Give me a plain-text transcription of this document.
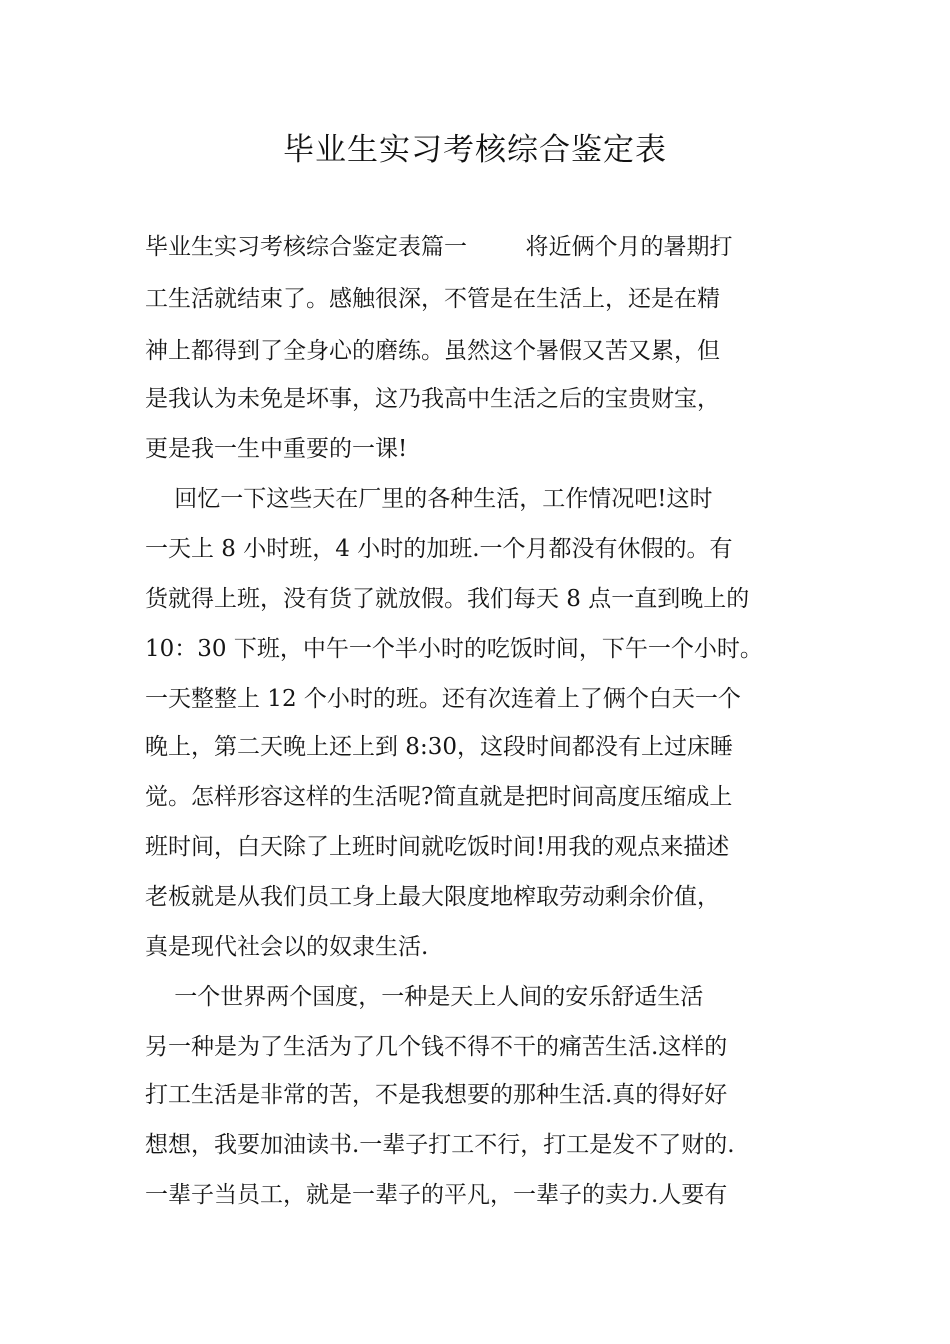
毕业生实习考核综合鉴定表

毕业生实习考核综合鉴定表篇一        将近俩个月的暑期打

工生活就结束了。感触很深，不管是在生活上，还是在精

神上都得到了全身心的磨练。虽然这个暑假又苦又累，但

是我认为未免是坏事，这乃我高中生活之后的宝贵财宝，

更是我一生中重要的一课!

回忆一下这些天在厂里的各种生活，工作情况吧!这时

一天上 8 小时班，4 小时的加班.一个月都没有休假的。有

货就得上班，没有货了就放假。我们每天 8 点一直到晚上的

10：30 下班，中午一个半小时的吃饭时间，下午一个小时。

一天整整上 12 个小时的班。还有次连着上了俩个白天一个

晚上，第二天晚上还上到 8:30，这段时间都没有上过床睡

觉。怎样形容这样的生活呢?简直就是把时间高度压缩成上

班时间，白天除了上班时间就吃饭时间!用我的观点来描述

老板就是从我们员工身上最大限度地榨取劳动剩余价值，

真是现代社会以的奴隶生活.

一个世界两个国度，一种是天上人间的安乐舒适生活

另一种是为了生活为了几个钱不得不干的痛苦生活.这样的

打工生活是非常的苦，不是我想要的那种生活.真的得好好

想想，我要加油读书.一辈子打工不行，打工是发不了财的.

一辈子当员工，就是一辈子的平凡，一辈子的卖力.人要有
